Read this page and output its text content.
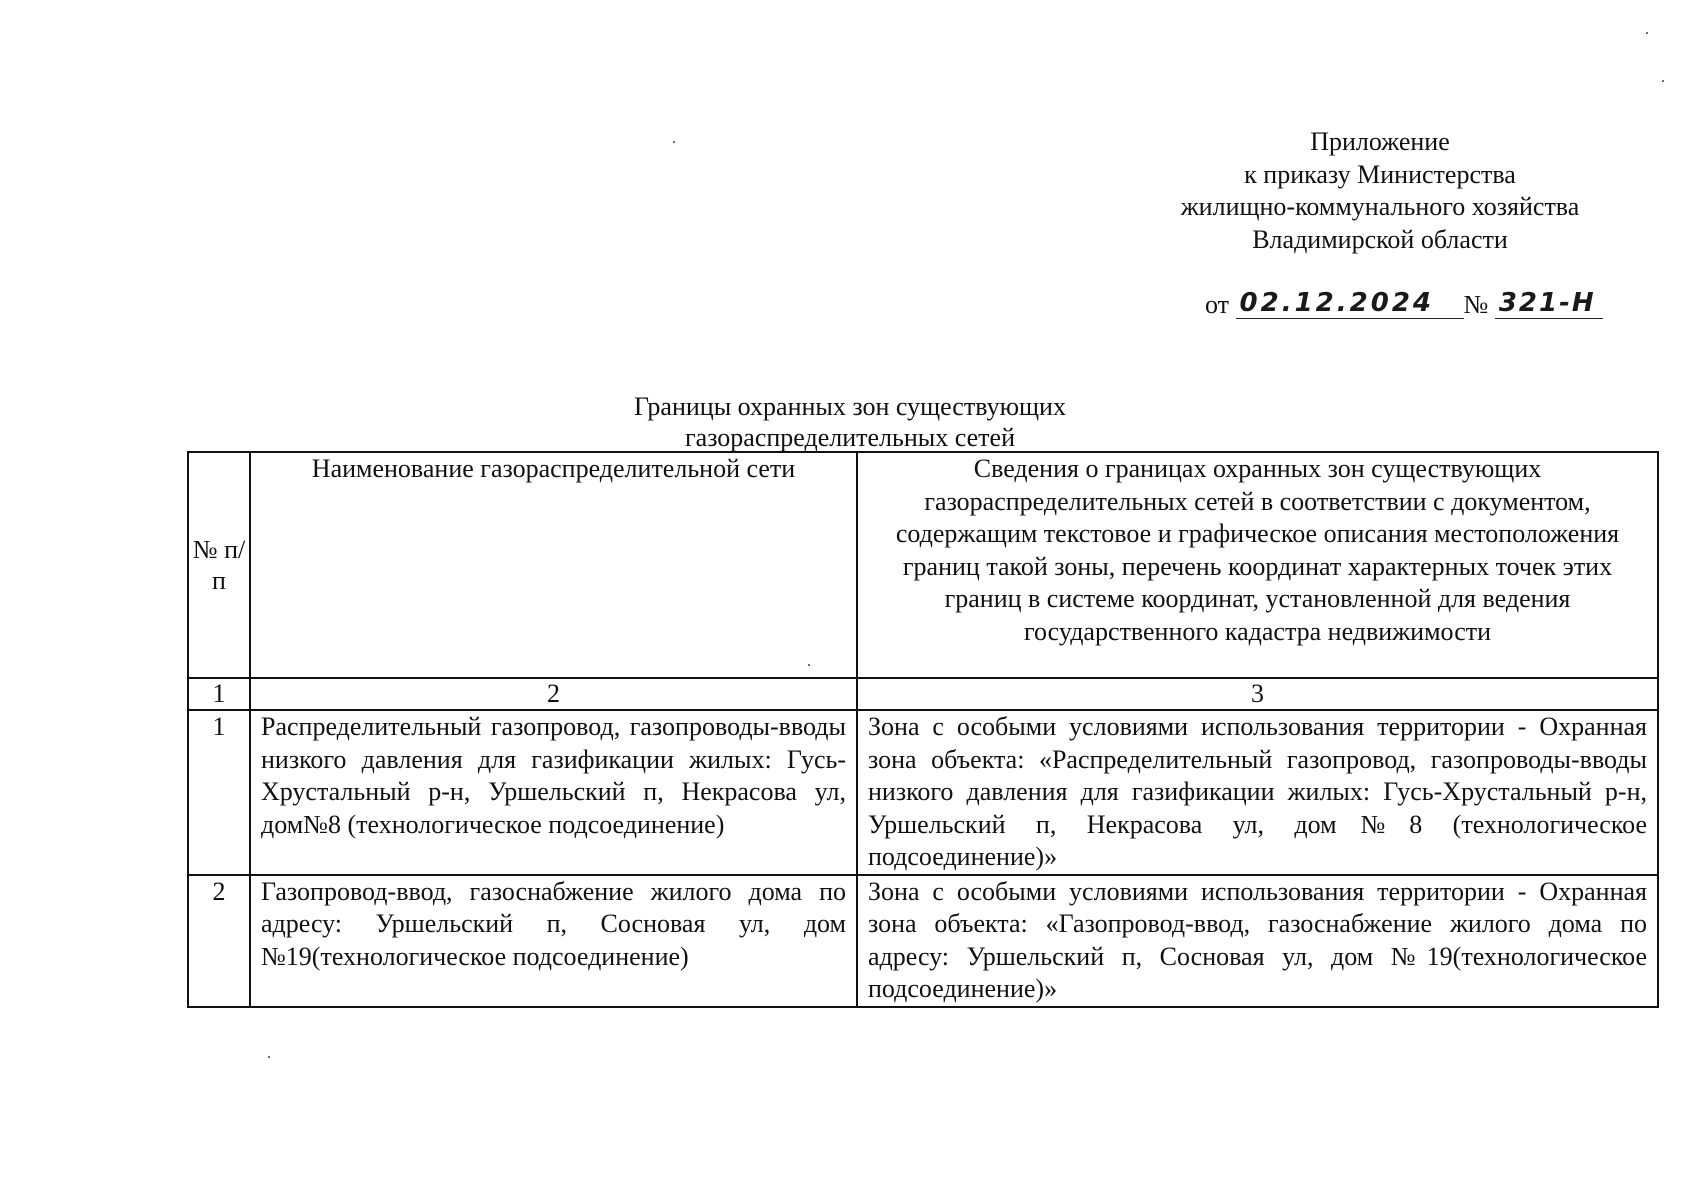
Приложение
к приказу Министерства
жилищно-коммунального хозяйства
Владимирской области
от 02.12.2024 № 321-Н
Границы охранных зон существующих
газораспределительных сетей
№ п/п	Наименование газораспределительной сети	Сведения о границах охранных зон существующих газораспределительных сетей в соответствии с документом, содержащим текстовое и графическое описания местоположения границ такой зоны, перечень координат характерных точек этих границ в системе координат, установленной для ведения государственного кадастра недвижимости
1	2	3
1	Распределительный газопровод, газопроводы-вводы низкого давления для газификации жилых: Гусь-Хрустальный р-н, Уршельский п, Некрасова ул, дом№8 (технологическое подсоединение)	Зона с особыми условиями использования территории - Охранная зона объекта: «Распределительный газопровод, газопроводы-вводы низкого давления для газификации жилых: Гусь-Хрустальный р-н, Уршельский п, Некрасова ул, дом№8 (технологическое подсоединение)»
2	Газопровод-ввод, газоснабжение жилого дома по адресу: Уршельский п, Сосновая ул, дом №19(технологическое подсоединение)	Зона с особыми условиями использования территории - Охранная зона объекта: «Газопровод-ввод, газоснабжение жилого дома по адресу: Уршельский п, Сосновая ул, дом №19(технологическое подсоединение)»
